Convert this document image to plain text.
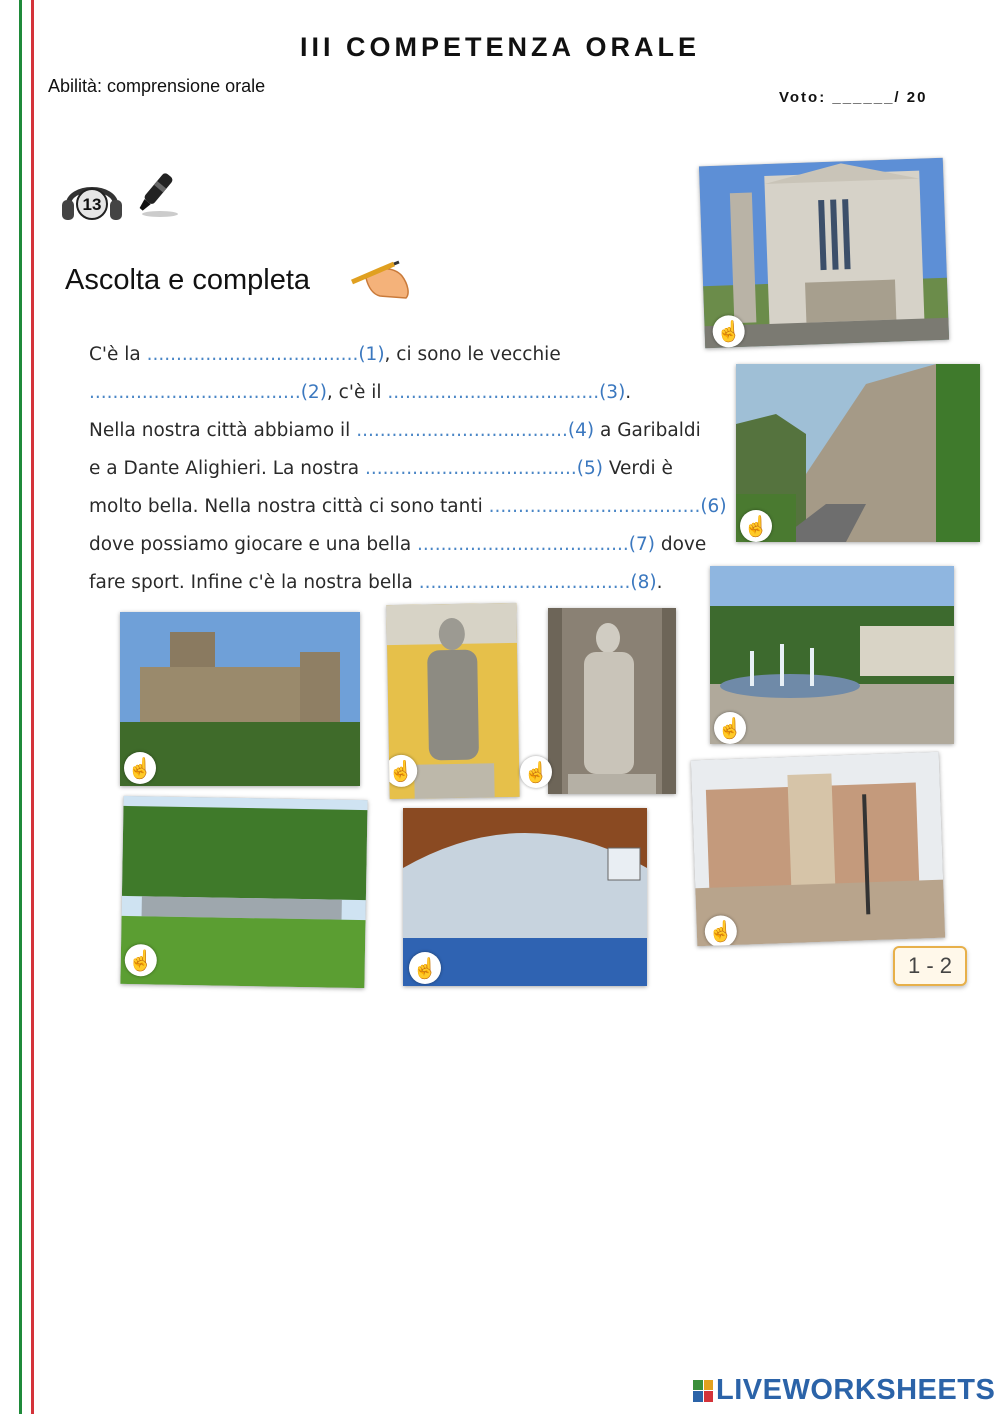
III COMPETENZA ORALE
Abilità: comprensione orale
Voto: ______/ 20
13
Ascolta e completa
C'è la ....................................(1), ci sono le vecchie
....................................(2), c'è il ....................................(3).
Nella nostra città abbiamo il ....................................(4) a Garibaldi
e a Dante Alighieri. La nostra ....................................(5) Verdi è
molto bella. Nella nostra città ci sono tanti ....................................(6)
dove possiamo giocare e una bella ....................................(7) dove
fare sport. Infine c'è la nostra bella ....................................(8).
☝
☝
☝
☝	☝	☝
☝
☝	☝	1 - 2
LIVEWORKSHEETS
